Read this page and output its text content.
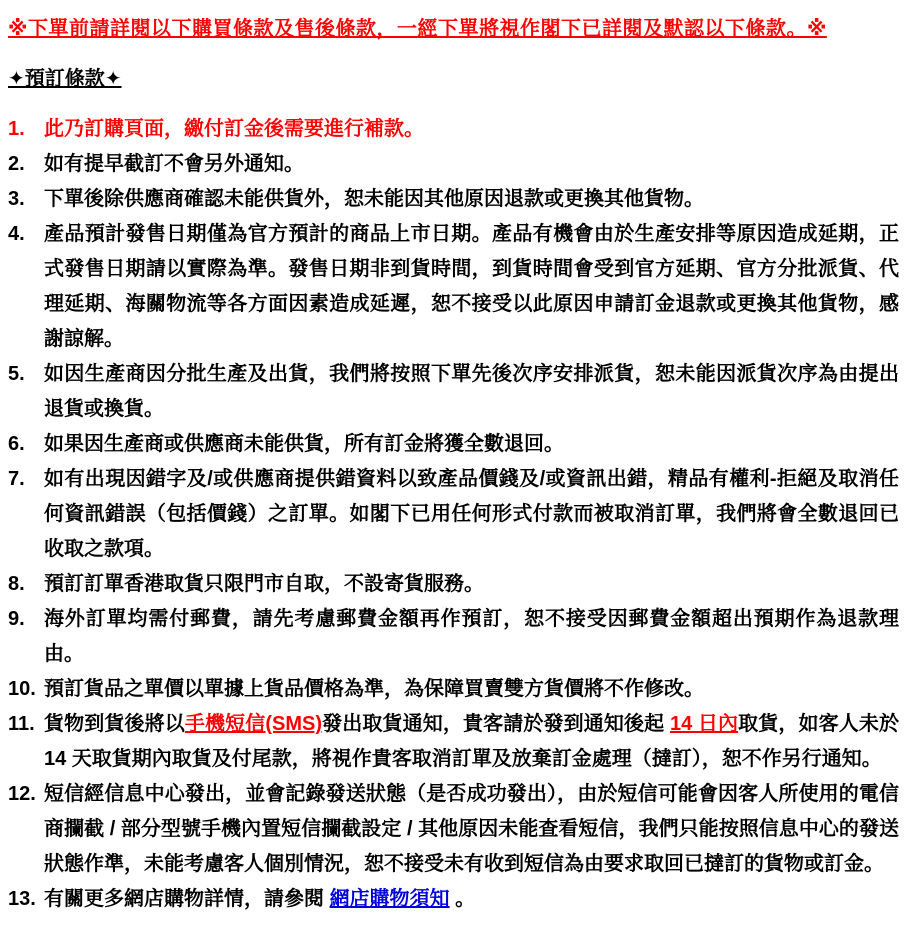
※下單前請詳閱以下購買條款及售後條款，一經下單將視作閣下已詳閱及默認以下條款。※
✦預訂條款✦
1. 此乃訂購頁面，繳付訂金後需要進行補款。
2. 如有提早截訂不會另外通知。
3. 下單後除供應商確認未能供貨外，恕未能因其他原因退款或更換其他貨物。
4. 產品預計發售日期僅為官方預計的商品上市日期。產品有機會由於生產安排等原因造成延期，正式發售日期請以實際為準。發售日期非到貨時間，到貨時間會受到官方延期、官方分批派貨、代理延期、海關物流等各方面因素造成延遲，恕不接受以此原因申請訂金退款或更換其他貨物，感謝諒解。
5. 如因生產商因分批生產及出貨，我們將按照下單先後次序安排派貨，恕未能因派貨次序為由提出退貨或換貨。
6. 如果因生產商或供應商未能供貨，所有訂金將獲全數退回。
7. 如有出現因錯字及/或供應商提供錯資料以致產品價錢及/或資訊出錯，精品有權利-拒絕及取消任何資訊錯誤（包括價錢）之訂單。如閣下已用任何形式付款而被取消訂單，我們將會全數退回已收取之款項。
8. 預訂訂單香港取貨只限門市自取，不設寄貨服務。
9. 海外訂單均需付郵費，請先考慮郵費金額再作預訂，恕不接受因郵費金額超出預期作為退款理由。
10. 預訂貨品之單價以單據上貨品價格為準，為保障買賣雙方貨價將不作修改。
11. 貨物到貨後將以手機短信(SMS)發出取貨通知，貴客請於發到通知後起 14 日內取貨，如客人未於 14 天取貨期內取貨及付尾款，將視作貴客取消訂單及放棄訂金處理（撻訂），恕不作另行通知。
12. 短信經信息中心發出，並會記錄發送狀態（是否成功發出），由於短信可能會因客人所使用的電信商攔截 / 部分型號手機內置短信攔截設定 / 其他原因未能查看短信，我們只能按照信息中心的發送狀態作準，未能考慮客人個別情況，恕不接受未有收到短信為由要求取回已撻訂的貨物或訂金。
13. 有關更多網店購物詳情，請參閱 網店購物須知 。
